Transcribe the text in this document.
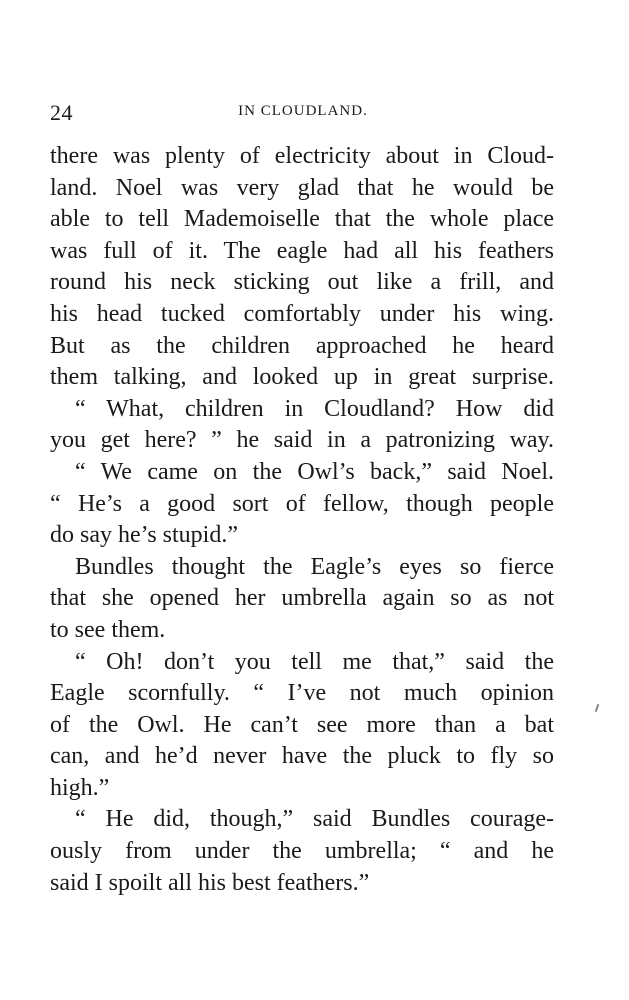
24	IN CLOUDLAND.
there was plenty of electricity about in Cloud-
land. Noel was very glad that he would be
able to tell Mademoiselle that the whole place
was full of it. The eagle had all his feathers
round his neck sticking out like a frill, and
his head tucked comfortably under his wing.
But as the children approached he heard
them talking, and looked up in great surprise.
“ What, children in Cloudland? How did
you get here? ” he said in a patronizing way.
“ We came on the Owl’s back,” said Noel.
“ He’s a good sort of fellow, though people
do say he’s stupid.”
Bundles thought the Eagle’s eyes so fierce
that she opened her umbrella again so as not
to see them.
“ Oh! don’t you tell me that,” said the
Eagle scornfully. “ I’ve not much opinion
of the Owl. He can’t see more than a bat
can, and he’d never have the pluck to fly so
high.”
“ He did, though,” said Bundles courage-
ously from under the umbrella; “ and he
said I spoilt all his best feathers.”
